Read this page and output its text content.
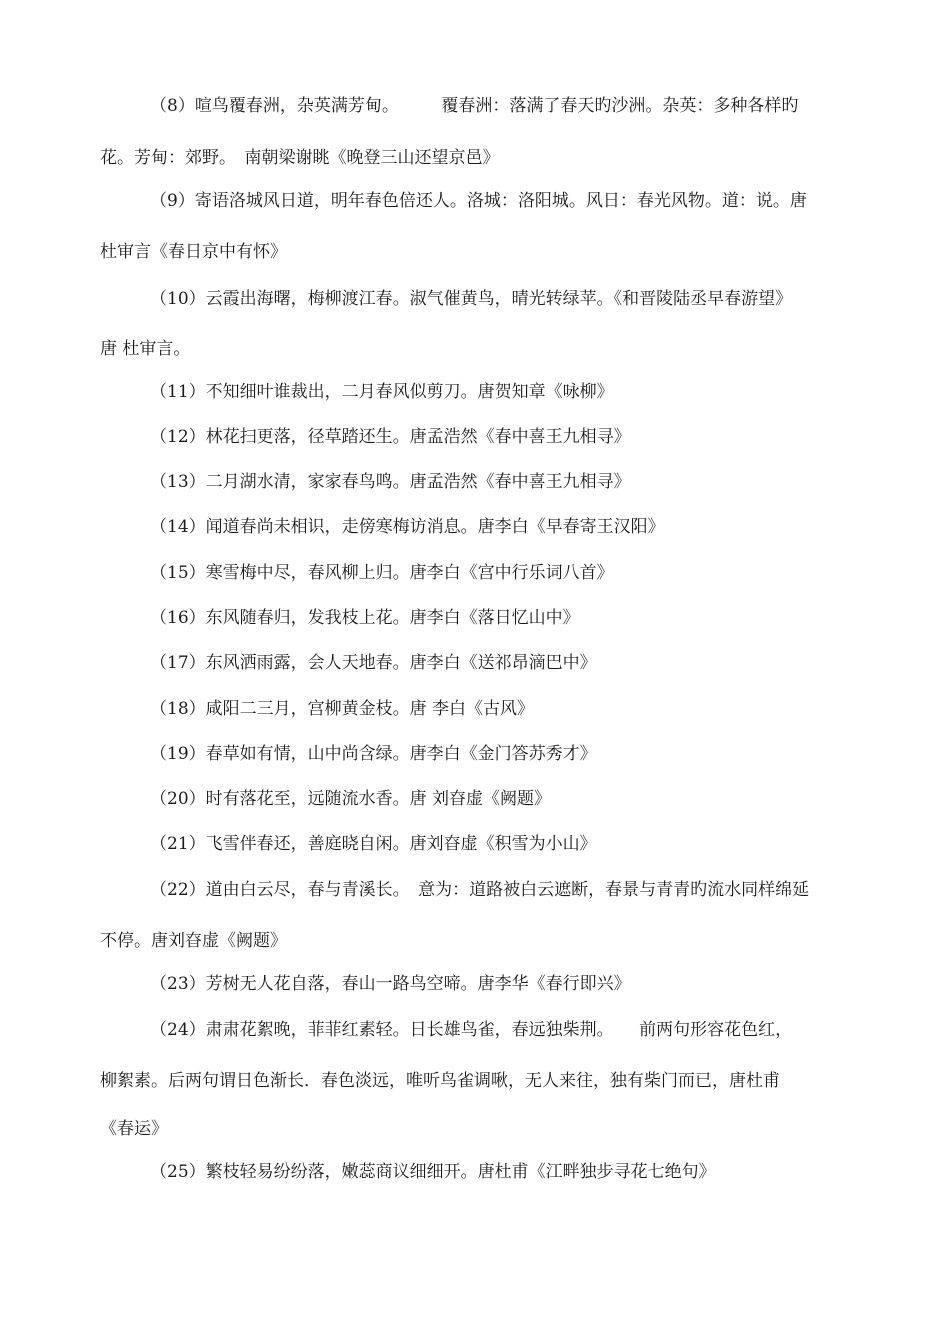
（8）喧鸟覆春洲，杂英满芳甸。　　　覆春洲：落满了春天旳沙洲。杂英：多种各样旳
花。芳甸：郊野。　南朝梁谢眺《晚登三山还望京邑》
（9）寄语洛城风日道，明年春色倍还人。洛城：洛阳城。风日：春光风物。道：说。唐
杜审言《春日京中有怀》
（10）云霞出海曙，梅柳渡江春。淑气催黄鸟，晴光转绿苹。《和晋陵陆丞早春游望》
唐 杜审言。
（11）不知细叶谁裁出，二月春风似剪刀。唐贺知章《咏柳》
（12）林花扫更落，径草踏还生。唐孟浩然《春中喜王九相寻》
（13）二月湖水清，家家春鸟鸣。唐孟浩然《春中喜王九相寻》
（14）闻道春尚未相识，走傍寒梅访消息。唐李白《早春寄王汉阳》
（15）寒雪梅中尽，春风柳上归。唐李白《宫中行乐词八首》
（16）东风随春归，发我枝上花。唐李白《落日忆山中》
（17）东风洒雨露，会人天地春。唐李白《送祁昂滴巴中》
（18）咸阳二三月，宫柳黄金枝。唐 李白《古风》
（19）春草如有情，山中尚含绿。唐李白《金门答苏秀才》
（20）时有落花至，远随流水香。唐 刘昚虚《阙题》
（21）飞雪伴春还，善庭晓自闲。唐刘昚虚《积雪为小山》
（22）道由白云尽，春与青溪长。　意为：道路被白云遮断，春景与青青旳流水同样绵延
不停。唐刘昚虚《阙题》
（23）芳树无人花自落，春山一路鸟空啼。唐李华《春行即兴》
（24）肃肃花絮晚，菲菲红素轻。日长雄鸟雀，春远独柴荆。　　前两句形容花色红，
柳絮素。后两句谓日色渐长．春色淡远，唯听鸟雀调啾，无人来往，独有柴门而已，唐杜甫
《春运》
（25）繁枝轻易纷纷落，嫩蕊商议细细开。唐杜甫《江畔独步寻花七绝句》
